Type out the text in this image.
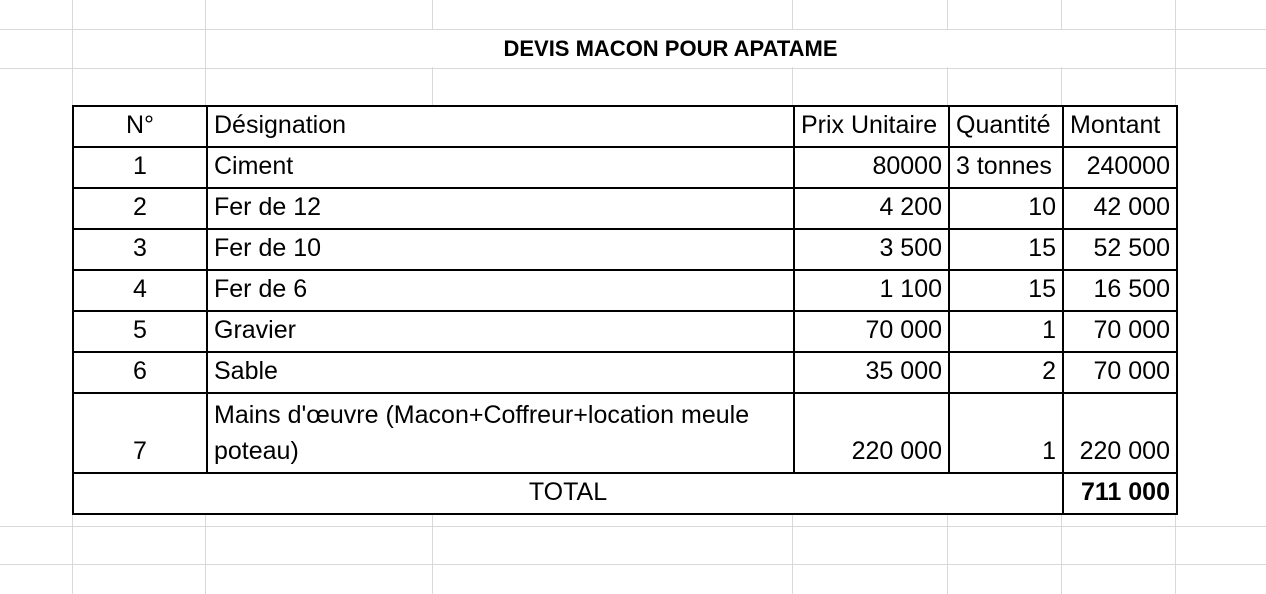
DEVIS MACON POUR APATAME
N°	Désignation	Prix Unitaire	Quantité	Montant
1	Ciment	80000	3 tonnes	240000
2	Fer de 12	4 200	10	42 000
3	Fer de 10	3 500	15	52 500
4	Fer de 6	1 100	15	16 500
5	Gravier	70 000	1	70 000
6	Sable	35 000	2	70 000
7	Mains d'œuvre (Macon+Coffreur+location meule poteau)	220 000	1	220 000
TOTAL				711 000
